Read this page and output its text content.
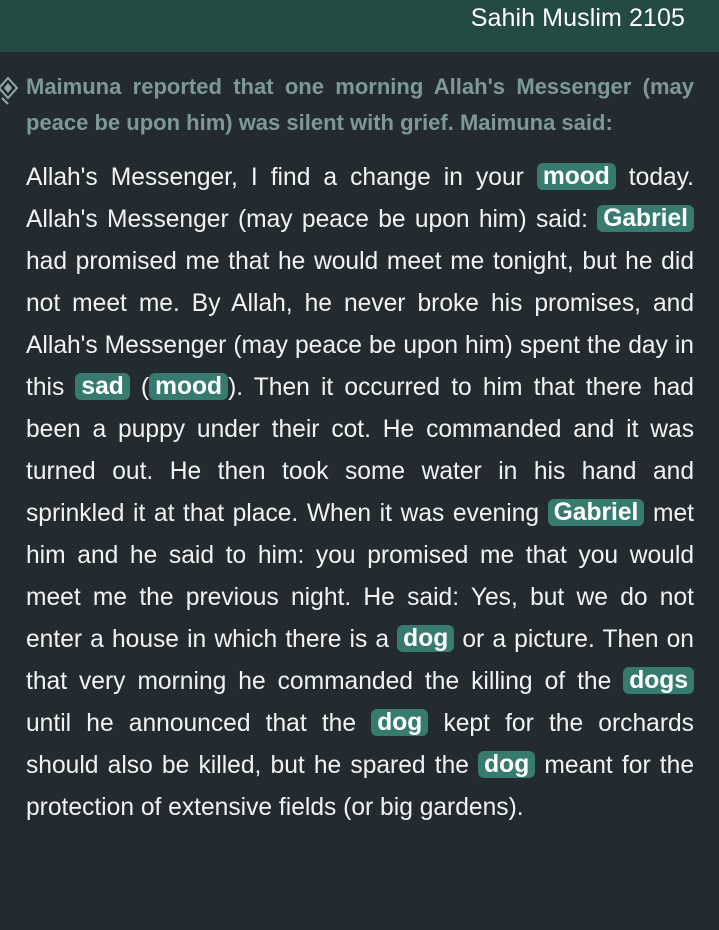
Sahih Muslim 2105

Maimuna reported that one morning Allah's Messenger (may peace be upon him) was silent with grief. Maimuna said:

Allah's Messenger, I find a change in your mood today. Allah's Messenger (may peace be upon him) said: Gabriel had promised me that he would meet me tonight, but he did not meet me. By Allah, he never broke his promises, and Allah's Messenger (may peace be upon him) spent the day in this sad ( mood ). Then it occurred to him that there had been a puppy under their cot. He commanded and it was turned out. He then took some water in his hand and sprinkled it at that place. When it was evening Gabriel met him and he said to him: you promised me that you would meet me the previous night. He said: Yes, but we do not enter a house in which there is a dog or a picture. Then on that very morning he commanded the killing of the dogs until he announced that the dog kept for the orchards should also be killed, but he spared the dog meant for the protection of extensive fields (or big gardens).
